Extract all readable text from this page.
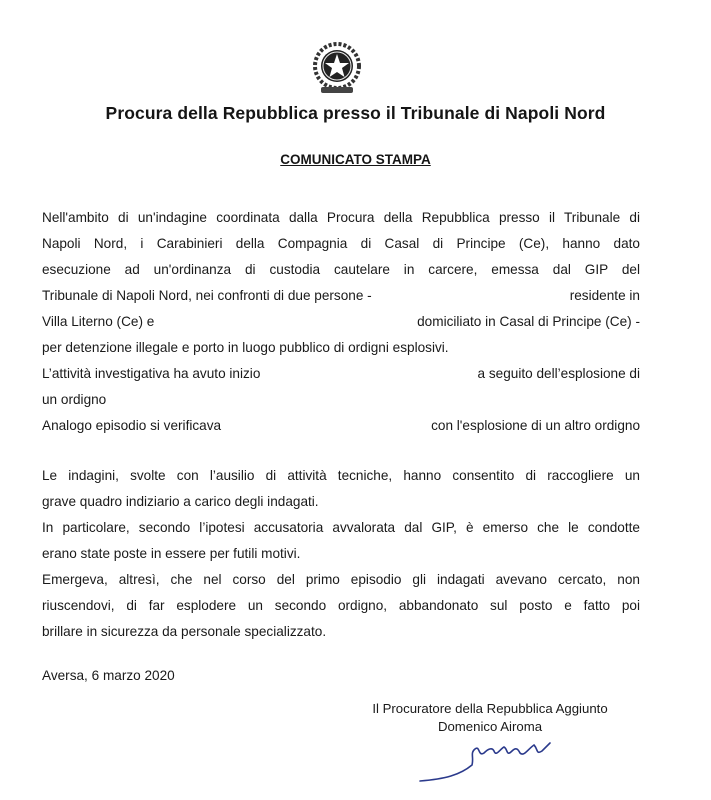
Procura della Repubblica presso il Tribunale di Napoli Nord
COMUNICATO STAMPA
Nell'ambito di un'indagine coordinata dalla Procura della Repubblica presso il Tribunale di
Napoli Nord, i Carabinieri della Compagnia di Casal di Principe (Ce), hanno dato
esecuzione ad un'ordinanza di custodia cautelare in carcere, emessa dal GIP del
Tribunale di Napoli Nord, nei confronti di due persone -	residente in
Villa Literno (Ce) e	domiciliato in Casal di Principe (Ce) -
per detenzione illegale e porto in luogo pubblico di ordigni esplosivi.
L’attività investigativa ha avuto inizio	a seguito dell’esplosione di
un ordigno
Analogo episodio si verificava	con l'esplosione di un altro ordigno
Le indagini, svolte con l’ausilio di attività tecniche, hanno consentito di raccogliere un
grave quadro indiziario a carico degli indagati.
In particolare, secondo l’ipotesi accusatoria avvalorata dal GIP, è emerso che le condotte
erano state poste in essere per futili motivi.
Emergeva, altresì, che nel corso del primo episodio gli indagati avevano cercato, non
riuscendovi, di far esplodere un secondo ordigno, abbandonato sul posto e fatto poi
brillare in sicurezza da personale specializzato.
Aversa, 6 marzo 2020
Il Procuratore della Repubblica Aggiunto
Domenico Airoma
